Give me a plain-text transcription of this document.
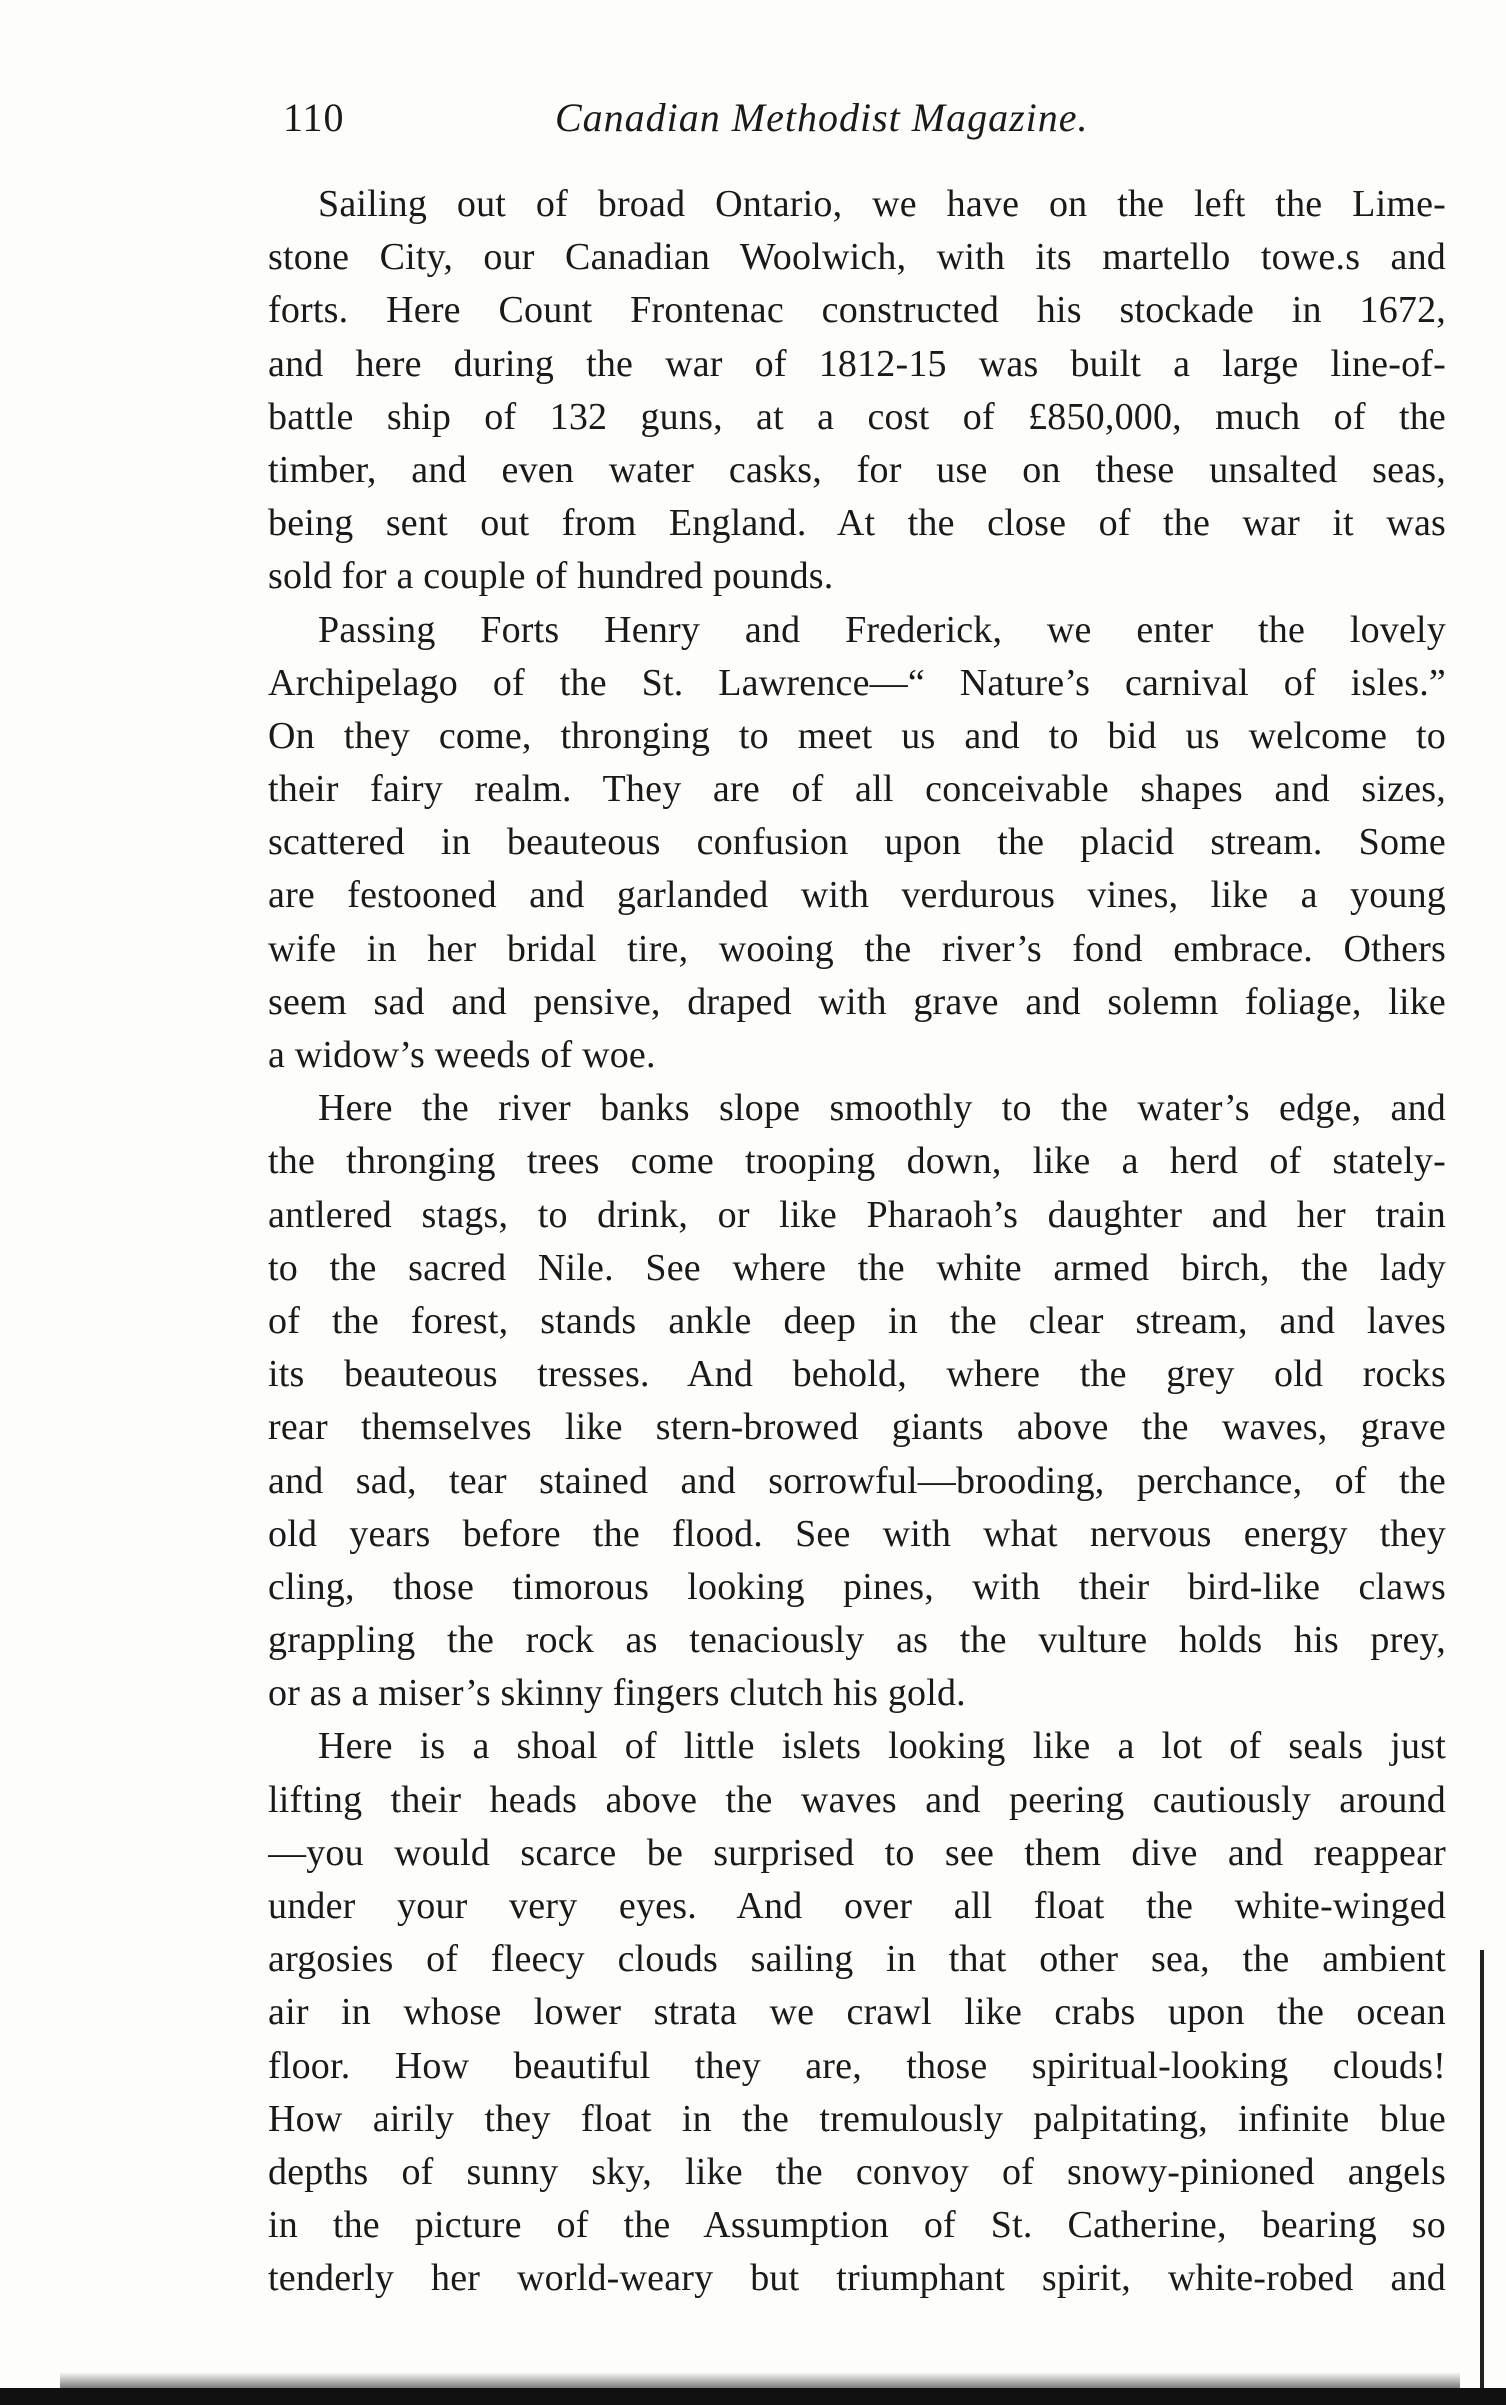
110	Canadian Methodist Magazine.
Sailing out of broad Ontario, we have on the left the Lime-
stone City, our Canadian Woolwich, with its martello towe.s and
forts. Here Count Frontenac constructed his stockade in 1672,
and here during the war of 1812-15 was built a large line-of-
battle ship of 132 guns, at a cost of £850,000, much of the
timber, and even water casks, for use on these unsalted seas,
being sent out from England. At the close of the war it was
sold for a couple of hundred pounds.
Passing Forts Henry and Frederick, we enter the lovely
Archipelago of the St. Lawrence—“ Nature’s carnival of isles.”
On they come, thronging to meet us and to bid us welcome to
their fairy realm. They are of all conceivable shapes and sizes,
scattered in beauteous confusion upon the placid stream. Some
are festooned and garlanded with verdurous vines, like a young
wife in her bridal tire, wooing the river’s fond embrace. Others
seem sad and pensive, draped with grave and solemn foliage, like
a widow’s weeds of woe.
Here the river banks slope smoothly to the water’s edge, and
the thronging trees come trooping down, like a herd of stately-
antlered stags, to drink, or like Pharaoh’s daughter and her train
to the sacred Nile. See where the white armed birch, the lady
of the forest, stands ankle deep in the clear stream, and laves
its beauteous tresses. And behold, where the grey old rocks
rear themselves like stern-browed giants above the waves, grave
and sad, tear stained and sorrowful—brooding, perchance, of the
old years before the flood. See with what nervous energy they
cling, those timorous looking pines, with their bird-like claws
grappling the rock as tenaciously as the vulture holds his prey,
or as a miser’s skinny fingers clutch his gold.
Here is a shoal of little islets looking like a lot of seals just
lifting their heads above the waves and peering cautiously around
—you would scarce be surprised to see them dive and reappear
under your very eyes. And over all float the white-winged
argosies of fleecy clouds sailing in that other sea, the ambient
air in whose lower strata we crawl like crabs upon the ocean
floor. How beautiful they are, those spiritual-looking clouds!
How airily they float in the tremulously palpitating, infinite blue
depths of sunny sky, like the convoy of snowy-pinioned angels
in the picture of the Assumption of St. Catherine, bearing so
tenderly her world-weary but triumphant spirit, white-robed and
